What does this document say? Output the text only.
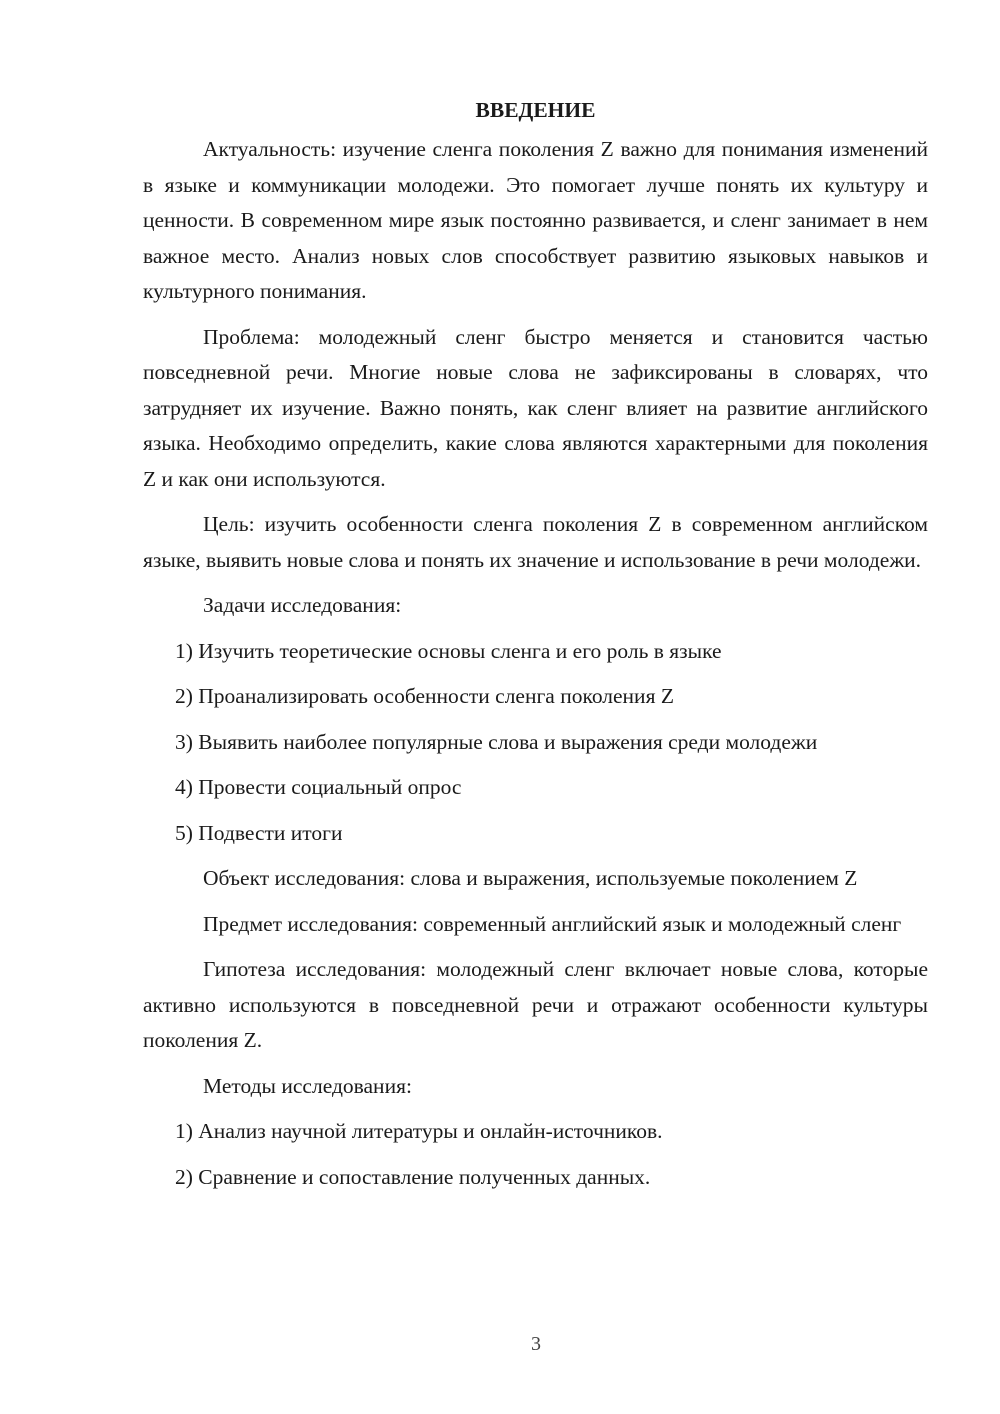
ВВЕДЕНИЕ

Актуальность: изучение сленга поколения Z важно для понимания изменений в языке и коммуникации молодежи. Это помогает лучше понять их культуру и ценности. В современном мире язык постоянно развивается, и сленг занимает в нем важное место. Анализ новых слов способствует развитию языковых навыков и культурного понимания.

Проблема: молодежный сленг быстро меняется и становится частью повседневной речи. Многие новые слова не зафиксированы в словарях, что затрудняет их изучение. Важно понять, как сленг влияет на развитие английского языка. Необходимо определить, какие слова являются характерными для поколения Z и как они используются.

Цель: изучить особенности сленга поколения Z в современном английском языке, выявить новые слова и понять их значение и использование в речи молодежи.

Задачи исследования:

1) Изучить теоретические основы сленга и его роль в языке

2) Проанализировать особенности сленга поколения Z

3) Выявить наиболее популярные слова и выражения среди молодежи

4) Провести социальный опрос

5) Подвести итоги

Объект исследования: слова и выражения, используемые поколением Z

Предмет исследования: современный английский язык и молодежный сленг

Гипотеза исследования: молодежный сленг включает новые слова, которые активно используются в повседневной речи и отражают особенности культуры поколения Z.

Методы исследования:

1) Анализ научной литературы и онлайн-источников.

2) Сравнение и сопоставление полученных данных.

3
